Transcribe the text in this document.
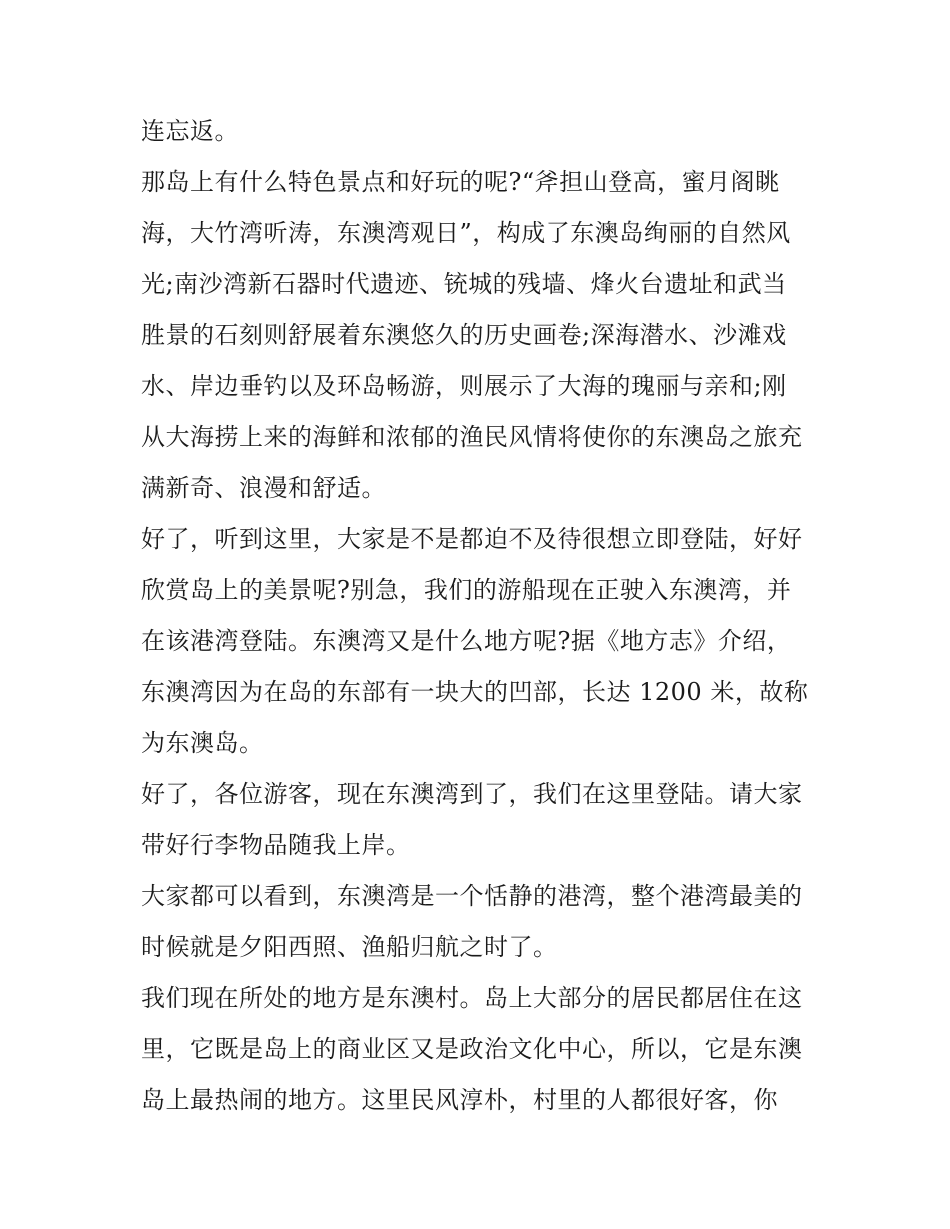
连忘返。
那岛上有什么特色景点和好玩的呢?“斧担山登高，蜜月阁眺
海，大竹湾听涛，东澳湾观日”，构成了东澳岛绚丽的自然风
光;南沙湾新石器时代遗迹、铳城的残墙、烽火台遗址和武当
胜景的石刻则舒展着东澳悠久的历史画卷;深海潜水、沙滩戏
水、岸边垂钓以及环岛畅游，则展示了大海的瑰丽与亲和;刚
从大海捞上来的海鲜和浓郁的渔民风情将使你的东澳岛之旅充
满新奇、浪漫和舒适。
好了，听到这里，大家是不是都迫不及待很想立即登陆，好好
欣赏岛上的美景呢?别急，我们的游船现在正驶入东澳湾，并
在该港湾登陆。东澳湾又是什么地方呢?据《地方志》介绍，
东澳湾因为在岛的东部有一块大的凹部，长达 1200 米，故称
为东澳岛。
好了，各位游客，现在东澳湾到了，我们在这里登陆。请大家
带好行李物品随我上岸。
大家都可以看到，东澳湾是一个恬静的港湾，整个港湾最美的
时候就是夕阳西照、渔船归航之时了。
我们现在所处的地方是东澳村。岛上大部分的居民都居住在这
里，它既是岛上的商业区又是政治文化中心，所以，它是东澳
岛上最热闹的地方。这里民风淳朴，村里的人都很好客，你
